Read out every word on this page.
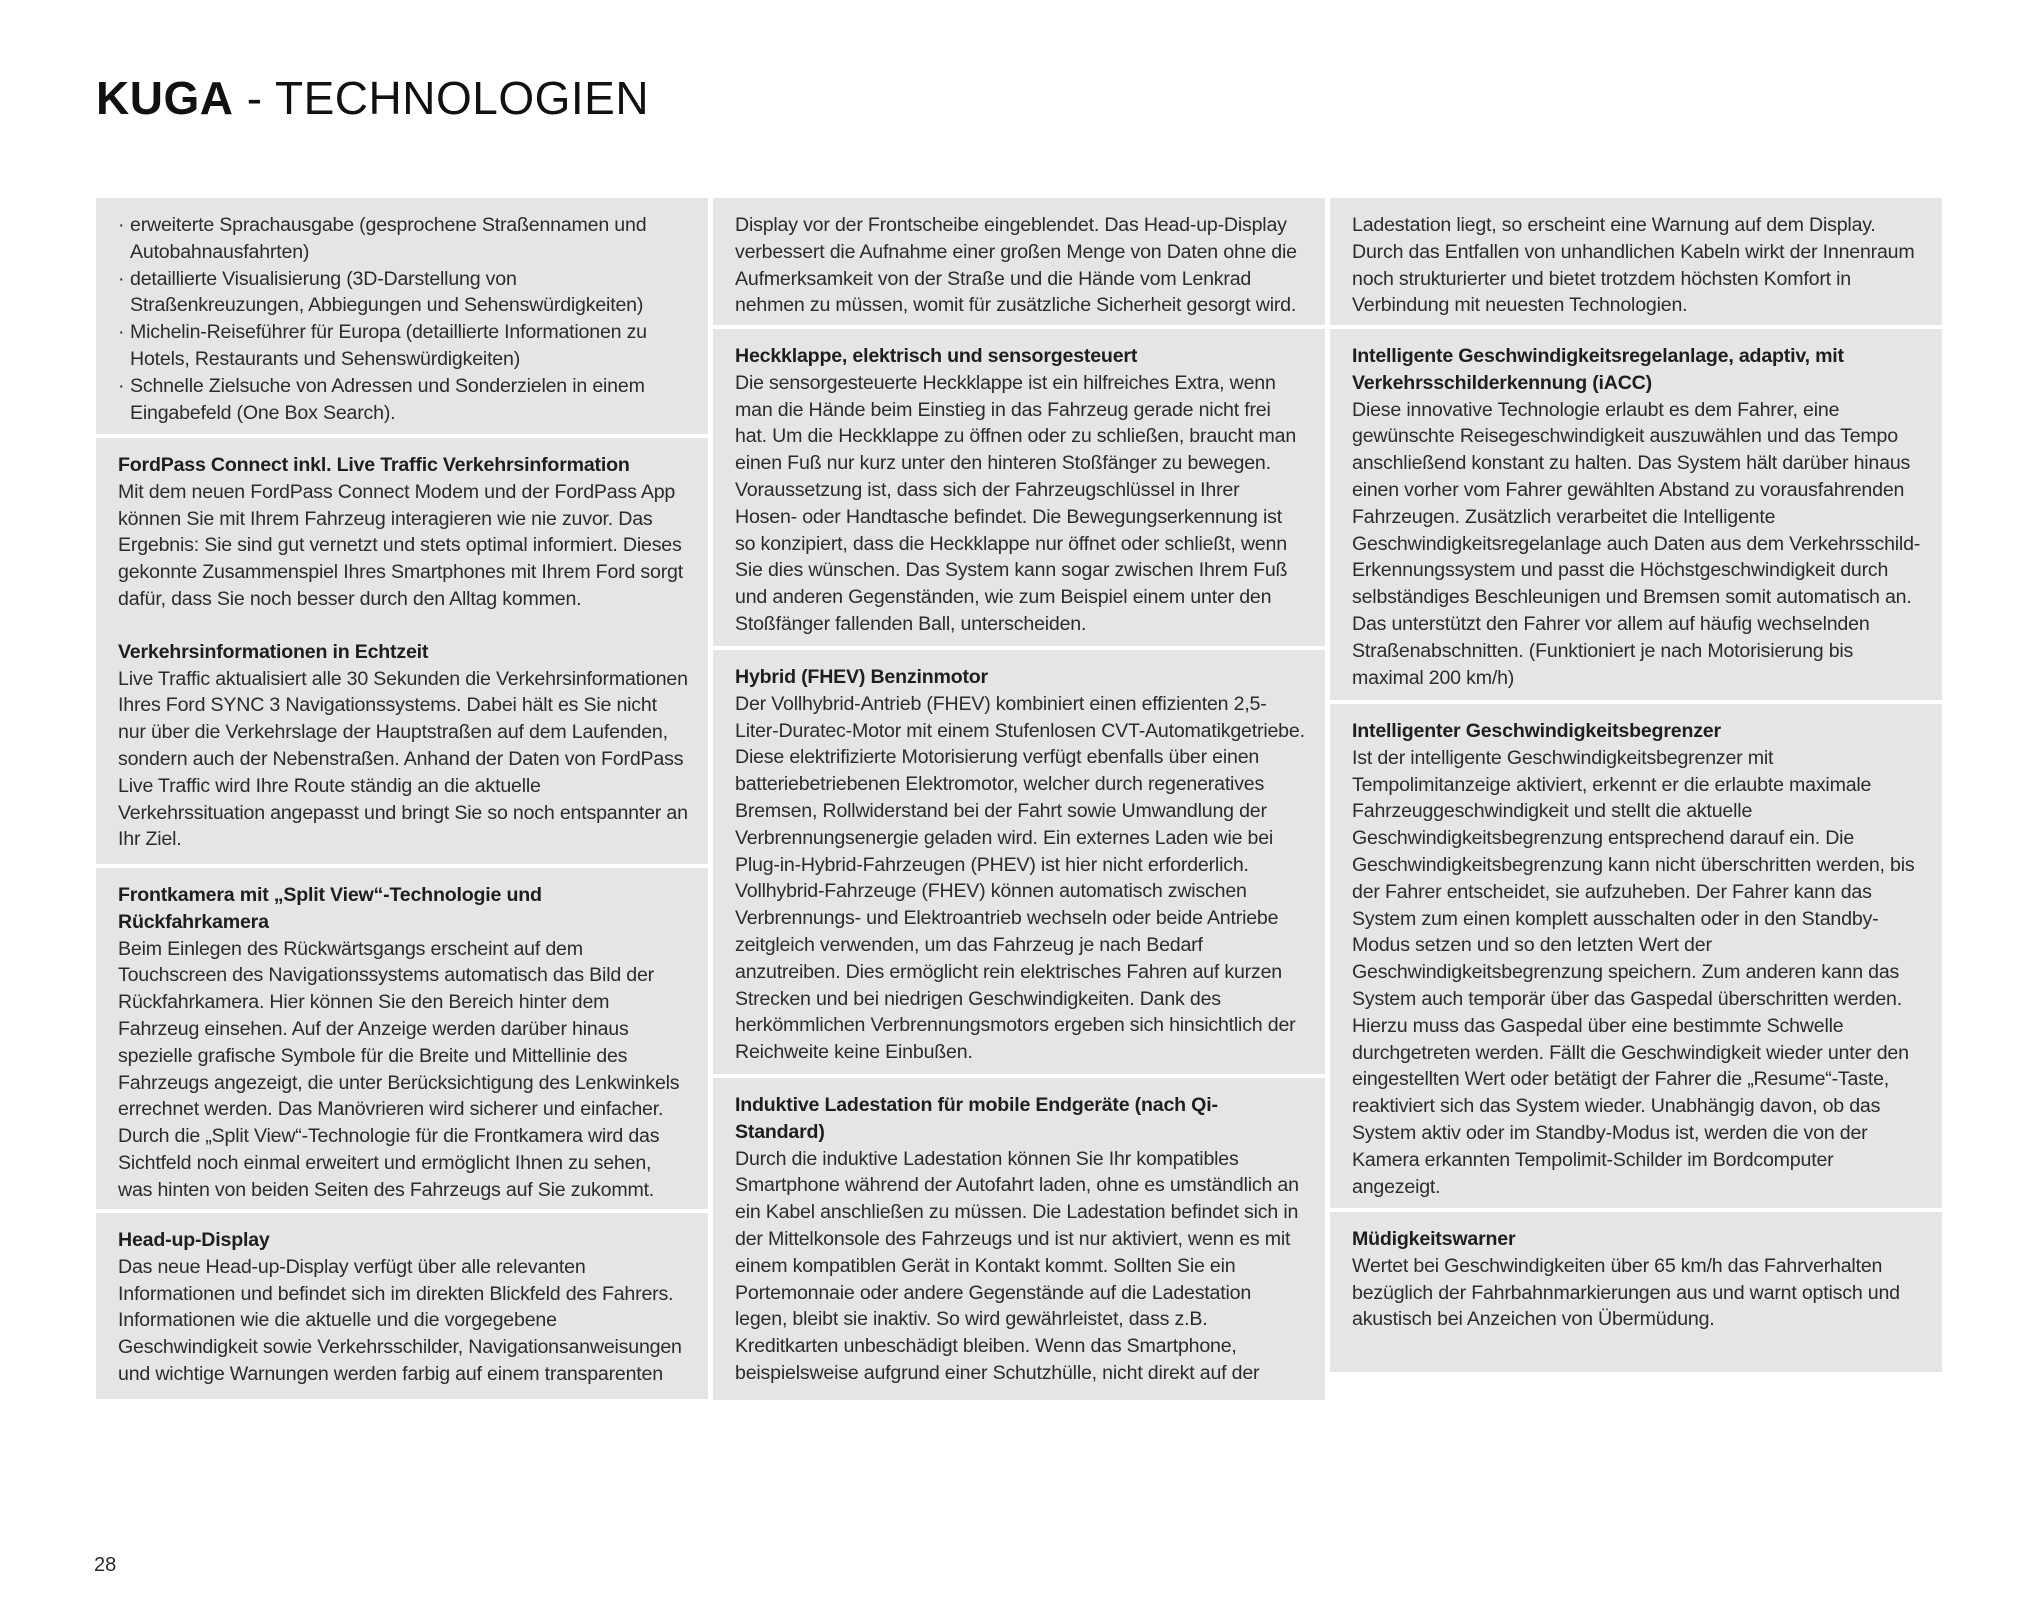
KUGA - TECHNOLOGIEN
· erweiterte Sprachausgabe (gesprochene Straßennamen und Autobahnausfahrten)
· detaillierte Visualisierung (3D-Darstellung von Straßenkreuzungen, Abbiegungen und Sehenswürdigkeiten)
· Michelin-Reiseführer für Europa (detaillierte Informationen zu Hotels, Restaurants und Sehenswürdigkeiten)
· Schnelle Zielsuche von Adressen und Sonderzielen in einem Eingabefeld (One Box Search).
FordPass Connect inkl. Live Traffic Verkehrsinformation
Mit dem neuen FordPass Connect Modem und der FordPass App können Sie mit Ihrem Fahrzeug interagieren wie nie zuvor. Das Ergebnis: Sie sind gut vernetzt und stets optimal informiert. Dieses gekonnte Zusammenspiel Ihres Smartphones mit Ihrem Ford sorgt dafür, dass Sie noch besser durch den Alltag kommen.
Verkehrsinformationen in Echtzeit
Live Traffic aktualisiert alle 30 Sekunden die Verkehrsinformationen Ihres Ford SYNC 3 Navigationssystems. Dabei hält es Sie nicht nur über die Verkehrslage der Hauptstraßen auf dem Laufenden, sondern auch der Nebenstraßen. Anhand der Daten von FordPass Live Traffic wird Ihre Route ständig an die aktuelle Verkehrssituation angepasst und bringt Sie so noch entspannter an Ihr Ziel.
Frontkamera mit „Split View“-Technologie und Rückfahrkamera
Beim Einlegen des Rückwärtsgangs erscheint auf dem Touchscreen des Navigationssystems automatisch das Bild der Rückfahrkamera. Hier können Sie den Bereich hinter dem Fahrzeug einsehen. Auf der Anzeige werden darüber hinaus spezielle grafische Symbole für die Breite und Mittellinie des Fahrzeugs angezeigt, die unter Berücksichtigung des Lenkwinkels errechnet werden. Das Manövrieren wird sicherer und einfacher. Durch die „Split View“-Technologie für die Frontkamera wird das Sichtfeld noch einmal erweitert und ermöglicht Ihnen zu sehen, was hinten von beiden Seiten des Fahrzeugs auf Sie zukommt.
Head-up-Display
Das neue Head-up-Display verfügt über alle relevanten Informationen und befindet sich im direkten Blickfeld des Fahrers. Informationen wie die aktuelle und die vorgegebene Geschwindigkeit sowie Verkehrsschilder, Navigationsanweisungen und wichtige Warnungen werden farbig auf einem transparenten
Display vor der Frontscheibe eingeblendet. Das Head-up-Display verbessert die Aufnahme einer großen Menge von Daten ohne die Aufmerksamkeit von der Straße und die Hände vom Lenkrad nehmen zu müssen, womit für zusätzliche Sicherheit gesorgt wird.
Heckklappe, elektrisch und sensorgesteuert
Die sensorgesteuerte Heckklappe ist ein hilfreiches Extra, wenn man die Hände beim Einstieg in das Fahrzeug gerade nicht frei hat. Um die Heckklappe zu öffnen oder zu schließen, braucht man einen Fuß nur kurz unter den hinteren Stoßfänger zu bewegen. Voraussetzung ist, dass sich der Fahrzeugschlüssel in Ihrer Hosen- oder Handtasche befindet. Die Bewegungserkennung ist so konzipiert, dass die Heckklappe nur öffnet oder schließt, wenn Sie dies wünschen. Das System kann sogar zwischen Ihrem Fuß und anderen Gegenständen, wie zum Beispiel einem unter den Stoßfänger fallenden Ball, unterscheiden.
Hybrid (FHEV) Benzinmotor
Der Vollhybrid-Antrieb (FHEV) kombiniert einen effizienten 2,5-Liter-Duratec-Motor mit einem Stufenlosen CVT-Automatikgetriebe. Diese elektrifizierte Motorisierung verfügt ebenfalls über einen batteriebetriebenen Elektromotor, welcher durch regeneratives Bremsen, Rollwiderstand bei der Fahrt sowie Umwandlung der Verbrennungsenergie geladen wird. Ein externes Laden wie bei Plug-in-Hybrid-Fahrzeugen (PHEV) ist hier nicht erforderlich. Vollhybrid-Fahrzeuge (FHEV) können automatisch zwischen Verbrennungs- und Elektroantrieb wechseln oder beide Antriebe zeitgleich verwenden, um das Fahrzeug je nach Bedarf anzutreiben. Dies ermöglicht rein elektrisches Fahren auf kurzen Strecken und bei niedrigen Geschwindigkeiten. Dank des herkömmlichen Verbrennungsmotors ergeben sich hinsichtlich der Reichweite keine Einbußen.
Induktive Ladestation für mobile Endgeräte (nach Qi-Standard)
Durch die induktive Ladestation können Sie Ihr kompatibles Smartphone während der Autofahrt laden, ohne es umständlich an ein Kabel anschließen zu müssen. Die Ladestation befindet sich in der Mittelkonsole des Fahrzeugs und ist nur aktiviert, wenn es mit einem kompatiblen Gerät in Kontakt kommt. Sollten Sie ein Portemonnaie oder andere Gegenstände auf die Ladestation legen, bleibt sie inaktiv. So wird gewährleistet, dass z.B. Kreditkarten unbeschädigt bleiben. Wenn das Smartphone, beispielsweise aufgrund einer Schutzhülle, nicht direkt auf der
Ladestation liegt, so erscheint eine Warnung auf dem Display. Durch das Entfallen von unhandlichen Kabeln wirkt der Innenraum noch strukturierter und bietet trotzdem höchsten Komfort in Verbindung mit neuesten Technologien.
Intelligente Geschwindigkeitsregelanlage, adaptiv, mit Verkehrsschilderkennung (iACC)
Diese innovative Technologie erlaubt es dem Fahrer, eine gewünschte Reisegeschwindigkeit auszuwählen und das Tempo anschließend konstant zu halten. Das System hält darüber hinaus einen vorher vom Fahrer gewählten Abstand zu vorausfahrenden Fahrzeugen. Zusätzlich verarbeitet die Intelligente Geschwindigkeitsregelanlage auch Daten aus dem Verkehrsschild-Erkennungssystem und passt die Höchstgeschwindigkeit durch selbständiges Beschleunigen und Bremsen somit automatisch an. Das unterstützt den Fahrer vor allem auf häufig wechselnden Straßenabschnitten. (Funktioniert je nach Motorisierung bis maximal 200 km/h)
Intelligenter Geschwindigkeitsbegrenzer
Ist der intelligente Geschwindigkeitsbegrenzer mit Tempolimitanzeige aktiviert, erkennt er die erlaubte maximale Fahrzeuggeschwindigkeit und stellt die aktuelle Geschwindigkeitsbegrenzung entsprechend darauf ein. Die Geschwindigkeitsbegrenzung kann nicht überschritten werden, bis der Fahrer entscheidet, sie aufzuheben. Der Fahrer kann das System zum einen komplett ausschalten oder in den Standby-Modus setzen und so den letzten Wert der Geschwindigkeitsbegrenzung speichern. Zum anderen kann das System auch temporär über das Gaspedal überschritten werden. Hierzu muss das Gaspedal über eine bestimmte Schwelle durchgetreten werden. Fällt die Geschwindigkeit wieder unter den eingestellten Wert oder betätigt der Fahrer die „Resume“-Taste, reaktiviert sich das System wieder. Unabhängig davon, ob das System aktiv oder im Standby-Modus ist, werden die von der Kamera erkannten Tempolimit-Schilder im Bordcomputer angezeigt.
Müdigkeitswarner
Wertet bei Geschwindigkeiten über 65 km/h das Fahrverhalten bezüglich der Fahrbahnmarkierungen aus und warnt optisch und akustisch bei Anzeichen von Übermüdung.
28
